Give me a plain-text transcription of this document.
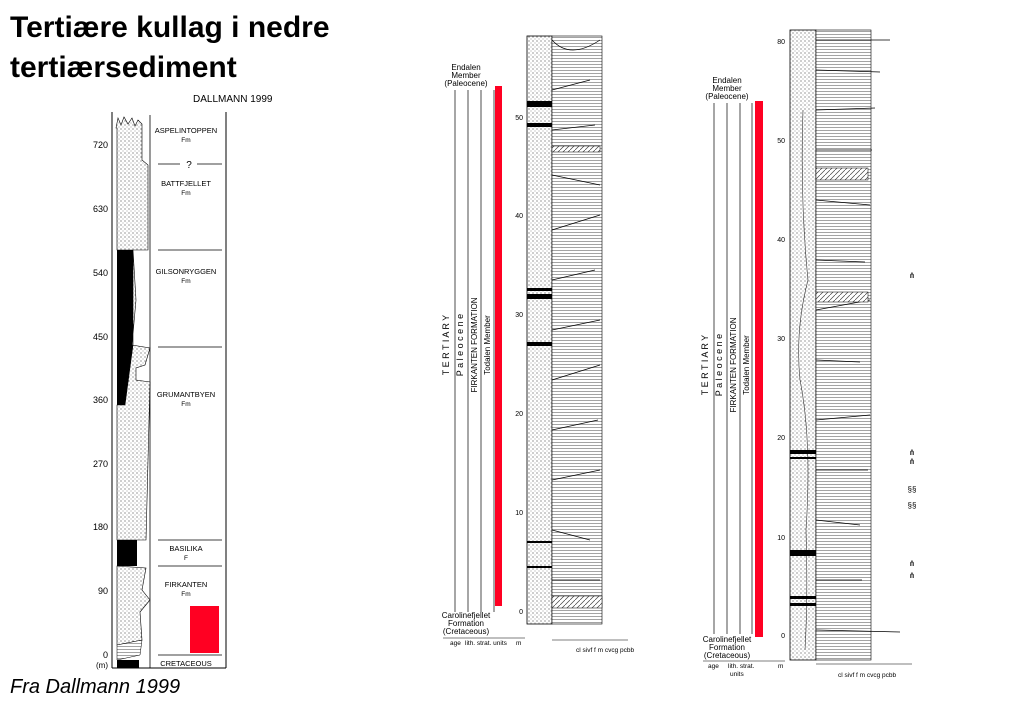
Tertiære kullag i nedre tertiærsediment
Fra Dallmann 1999
DALLMANN 1999
720
630
540
450
360
270
180
90
0
(m)
?
ASPELINTOPPEN
Fm
BATTFJELLET
Fm
GILSONRYGGEN
Fm
GRUMANTBYEN
Fm
BASILIKA
F
FIRKANTEN
Fm
CRETACEOUS
Endalen
Member
(Paleocene)
T E R T I A R Y P a l e o c e n e FIRKANTEN FORMATION Todalen Member
Carolinefjellet
Formation
(Cretaceous)
age lith. strat. units m
cl sivf f m cvcg pcbb
50
40
30
20
10
0
Endalen
Member
(Paleocene)
T E R T I A R Y P a l e o c e n e FIRKANTEN FORMATION Todalen Member
Carolinefjellet
Formation
(Cretaceous)
age lith. strat.
units
m
cl sivf f m cvcg pcbb
80
50
40
30
20
10
0
⋔
⋔
⋔
§§
§§
⋔
⋔
